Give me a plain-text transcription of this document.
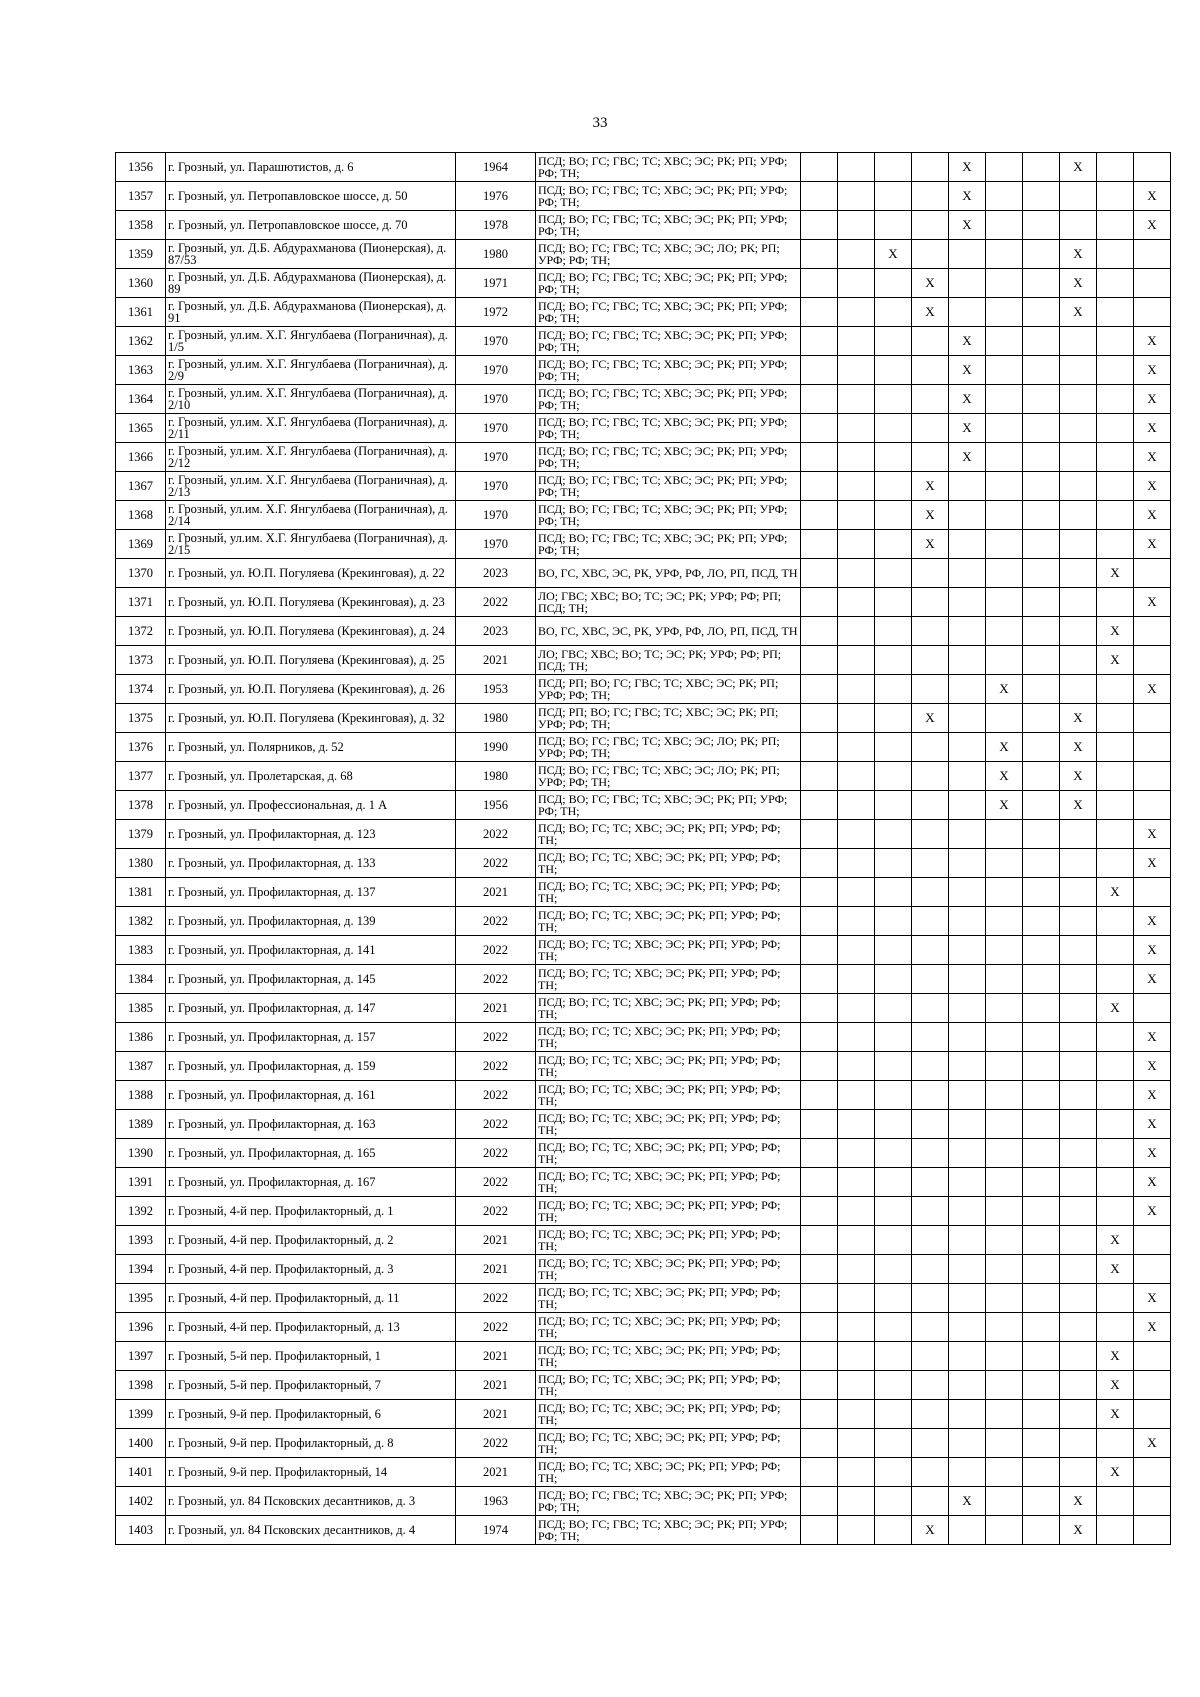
33
1356	г. Грозный, ул. Парашютистов, д. 6	1964	ПСД; ВО; ГС; ГВС; ТС; ХВС; ЭС; РК; РП; УРФ; РФ; ТН;					X			X		
1357	г. Грозный, ул. Петропавловское шоссе, д. 50	1976	ПСД; ВО; ГС; ГВС; ТС; ХВС; ЭС; РК; РП; УРФ; РФ; ТН;					X					X
1358	г. Грозный, ул. Петропавловское шоссе, д. 70	1978	ПСД; ВО; ГС; ГВС; ТС; ХВС; ЭС; РК; РП; УРФ; РФ; ТН;					X					X
1359	г. Грозный, ул. Д.Б. Абдурахманова (Пионерская), д. 87/53	1980	ПСД; ВО; ГС; ГВС; ТС; ХВС; ЭС; ЛО; РК; РП; УРФ; РФ; ТН;			X					X		
1360	г. Грозный, ул. Д.Б. Абдурахманова (Пионерская), д. 89	1971	ПСД; ВО; ГС; ГВС; ТС; ХВС; ЭС; РК; РП; УРФ; РФ; ТН;				X				X		
1361	г. Грозный, ул. Д.Б. Абдурахманова (Пионерская), д. 91	1972	ПСД; ВО; ГС; ГВС; ТС; ХВС; ЭС; РК; РП; УРФ; РФ; ТН;				X				X		
1362	г. Грозный, ул.им. Х.Г. Янгулбаева (Пограничная), д. 1/5	1970	ПСД; ВО; ГС; ГВС; ТС; ХВС; ЭС; РК; РП; УРФ; РФ; ТН;					X					X
1363	г. Грозный, ул.им. Х.Г. Янгулбаева (Пограничная), д. 2/9	1970	ПСД; ВО; ГС; ГВС; ТС; ХВС; ЭС; РК; РП; УРФ; РФ; ТН;					X					X
1364	г. Грозный, ул.им. Х.Г. Янгулбаева (Пограничная), д. 2/10	1970	ПСД; ВО; ГС; ГВС; ТС; ХВС; ЭС; РК; РП; УРФ; РФ; ТН;					X					X
1365	г. Грозный, ул.им. Х.Г. Янгулбаева (Пограничная), д. 2/11	1970	ПСД; ВО; ГС; ГВС; ТС; ХВС; ЭС; РК; РП; УРФ; РФ; ТН;					X					X
1366	г. Грозный, ул.им. Х.Г. Янгулбаева (Пограничная), д. 2/12	1970	ПСД; ВО; ГС; ГВС; ТС; ХВС; ЭС; РК; РП; УРФ; РФ; ТН;					X					X
1367	г. Грозный, ул.им. Х.Г. Янгулбаева (Пограничная), д. 2/13	1970	ПСД; ВО; ГС; ГВС; ТС; ХВС; ЭС; РК; РП; УРФ; РФ; ТН;				X						X
1368	г. Грозный, ул.им. Х.Г. Янгулбаева (Пограничная), д. 2/14	1970	ПСД; ВО; ГС; ГВС; ТС; ХВС; ЭС; РК; РП; УРФ; РФ; ТН;				X						X
1369	г. Грозный, ул.им. Х.Г. Янгулбаева (Пограничная), д. 2/15	1970	ПСД; ВО; ГС; ГВС; ТС; ХВС; ЭС; РК; РП; УРФ; РФ; ТН;				X						X
1370	г. Грозный, ул. Ю.П. Погуляева (Крекинговая), д. 22	2023	ВО, ГС, ХВС, ЭС, РК, УРФ, РФ, ЛО, РП, ПСД, ТН									X	
1371	г. Грозный, ул. Ю.П. Погуляева (Крекинговая), д. 23	2022	ЛО; ГВС; ХВС; ВО; ТС; ЭС; РК; УРФ; РФ; РП; ПСД; ТН;										X
1372	г. Грозный, ул. Ю.П. Погуляева (Крекинговая), д. 24	2023	ВО, ГС, ХВС, ЭС, РК, УРФ, РФ, ЛО, РП, ПСД, ТН									X	
1373	г. Грозный, ул. Ю.П. Погуляева (Крекинговая), д. 25	2021	ЛО; ГВС; ХВС; ВО; ТС; ЭС; РК; УРФ; РФ; РП; ПСД; ТН;									X	
1374	г. Грозный, ул. Ю.П. Погуляева (Крекинговая), д. 26	1953	ПСД; РП; ВО; ГС; ГВС; ТС; ХВС; ЭС; РК; РП; УРФ; РФ; ТН;						X				X
1375	г. Грозный, ул. Ю.П. Погуляева (Крекинговая), д. 32	1980	ПСД; РП; ВО; ГС; ГВС; ТС; ХВС; ЭС; РК; РП; УРФ; РФ; ТН;				X				X		
1376	г. Грозный, ул. Полярников, д. 52	1990	ПСД; ВО; ГС; ГВС; ТС; ХВС; ЭС; ЛО; РК; РП; УРФ; РФ; ТН;						X		X		
1377	г. Грозный, ул. Пролетарская, д. 68	1980	ПСД; ВО; ГС; ГВС; ТС; ХВС; ЭС; ЛО; РК; РП; УРФ; РФ; ТН;						X		X		
1378	г. Грозный, ул. Профессиональная, д. 1 А	1956	ПСД; ВО; ГС; ГВС; ТС; ХВС; ЭС; РК; РП; УРФ; РФ; ТН;						X		X		
1379	г. Грозный, ул. Профилакторная, д. 123	2022	ПСД; ВО; ГС; ТС; ХВС; ЭС; РК; РП; УРФ; РФ; ТН;										X
1380	г. Грозный, ул. Профилакторная, д. 133	2022	ПСД; ВО; ГС; ТС; ХВС; ЭС; РК; РП; УРФ; РФ; ТН;										X
1381	г. Грозный, ул. Профилакторная, д. 137	2021	ПСД; ВО; ГС; ТС; ХВС; ЭС; РК; РП; УРФ; РФ; ТН;									X	
1382	г. Грозный, ул. Профилакторная, д. 139	2022	ПСД; ВО; ГС; ТС; ХВС; ЭС; РК; РП; УРФ; РФ; ТН;										X
1383	г. Грозный, ул. Профилакторная, д. 141	2022	ПСД; ВО; ГС; ТС; ХВС; ЭС; РК; РП; УРФ; РФ; ТН;										X
1384	г. Грозный, ул. Профилакторная, д. 145	2022	ПСД; ВО; ГС; ТС; ХВС; ЭС; РК; РП; УРФ; РФ; ТН;										X
1385	г. Грозный, ул. Профилакторная, д. 147	2021	ПСД; ВО; ГС; ТС; ХВС; ЭС; РК; РП; УРФ; РФ; ТН;									X	
1386	г. Грозный, ул. Профилакторная, д. 157	2022	ПСД; ВО; ГС; ТС; ХВС; ЭС; РК; РП; УРФ; РФ; ТН;										X
1387	г. Грозный, ул. Профилакторная, д. 159	2022	ПСД; ВО; ГС; ТС; ХВС; ЭС; РК; РП; УРФ; РФ; ТН;										X
1388	г. Грозный, ул. Профилакторная, д. 161	2022	ПСД; ВО; ГС; ТС; ХВС; ЭС; РК; РП; УРФ; РФ; ТН;										X
1389	г. Грозный, ул. Профилакторная, д. 163	2022	ПСД; ВО; ГС; ТС; ХВС; ЭС; РК; РП; УРФ; РФ; ТН;										X
1390	г. Грозный, ул. Профилакторная, д. 165	2022	ПСД; ВО; ГС; ТС; ХВС; ЭС; РК; РП; УРФ; РФ; ТН;										X
1391	г. Грозный, ул. Профилакторная, д. 167	2022	ПСД; ВО; ГС; ТС; ХВС; ЭС; РК; РП; УРФ; РФ; ТН;										X
1392	г. Грозный, 4-й пер. Профилакторный, д. 1	2022	ПСД; ВО; ГС; ТС; ХВС; ЭС; РК; РП; УРФ; РФ; ТН;										X
1393	г. Грозный, 4-й пер. Профилакторный, д. 2	2021	ПСД; ВО; ГС; ТС; ХВС; ЭС; РК; РП; УРФ; РФ; ТН;									X	
1394	г. Грозный, 4-й пер. Профилакторный, д. 3	2021	ПСД; ВО; ГС; ТС; ХВС; ЭС; РК; РП; УРФ; РФ; ТН;									X	
1395	г. Грозный, 4-й пер. Профилакторный, д. 11	2022	ПСД; ВО; ГС; ТС; ХВС; ЭС; РК; РП; УРФ; РФ; ТН;										X
1396	г. Грозный, 4-й пер. Профилакторный, д. 13	2022	ПСД; ВО; ГС; ТС; ХВС; ЭС; РК; РП; УРФ; РФ; ТН;										X
1397	г. Грозный, 5-й пер. Профилакторный, 1	2021	ПСД; ВО; ГС; ТС; ХВС; ЭС; РК; РП; УРФ; РФ; ТН;									X	
1398	г. Грозный, 5-й пер. Профилакторный, 7	2021	ПСД; ВО; ГС; ТС; ХВС; ЭС; РК; РП; УРФ; РФ; ТН;									X	
1399	г. Грозный, 9-й пер. Профилакторный, 6	2021	ПСД; ВО; ГС; ТС; ХВС; ЭС; РК; РП; УРФ; РФ; ТН;									X	
1400	г. Грозный, 9-й пер. Профилакторный, д. 8	2022	ПСД; ВО; ГС; ТС; ХВС; ЭС; РК; РП; УРФ; РФ; ТН;										X
1401	г. Грозный, 9-й пер. Профилакторный, 14	2021	ПСД; ВО; ГС; ТС; ХВС; ЭС; РК; РП; УРФ; РФ; ТН;									X	
1402	г. Грозный, ул. 84 Псковских десантников, д. 3	1963	ПСД; ВО; ГС; ГВС; ТС; ХВС; ЭС; РК; РП; УРФ; РФ; ТН;					X			X		
1403	г. Грозный, ул. 84 Псковских десантников, д. 4	1974	ПСД; ВО; ГС; ГВС; ТС; ХВС; ЭС; РК; РП; УРФ; РФ; ТН;				X				X		
